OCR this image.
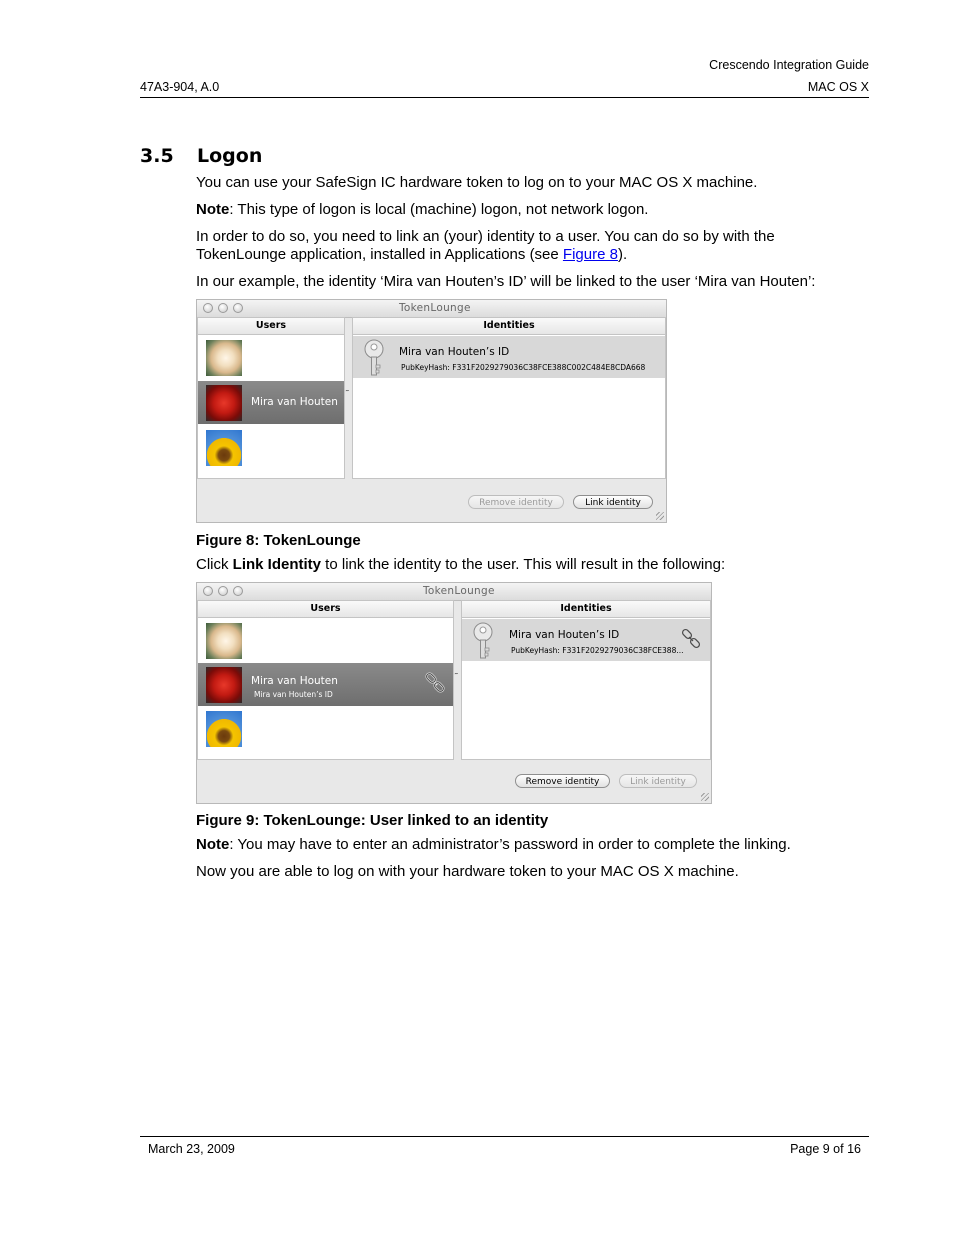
Crescendo Integration Guide
47A3-904, A.0	MAC OS X
3.5 Logon
You can use your SafeSign IC hardware token to log on to your MAC OS X machine.
Note: This type of logon is local (machine) logon, not network logon.
In order to do so, you need to link an (your) identity to a user. You can do so by with the
TokenLounge application, installed in Applications (see Figure 8).
In our example, the identity ‘Mira van Houten’s ID’ will be linked to the user ‘Mira van Houten’:
TokenLounge
Users
Mira van Houten
˜
Identities
Mira van Houten’s ID
PubKeyHash: F331F2029279036C38FCE388C002C484E8CDA668
Remove identity	Link identity
Figure 8: TokenLounge
Click Link Identity to link the identity to the user. This will result in the following:
TokenLounge
Users
Mira van Houten
Mira van Houten’s ID
˜
Identities
Mira van Houten’s ID
PubKeyHash: F331F2029279036C38FCE388...
Remove identity	Link identity
Figure 9: TokenLounge: User linked to an identity
Note: You may have to enter an administrator’s password in order to complete the linking.
Now you are able to log on with your hardware token to your MAC OS X machine.
March 23, 2009	Page 9 of 16
